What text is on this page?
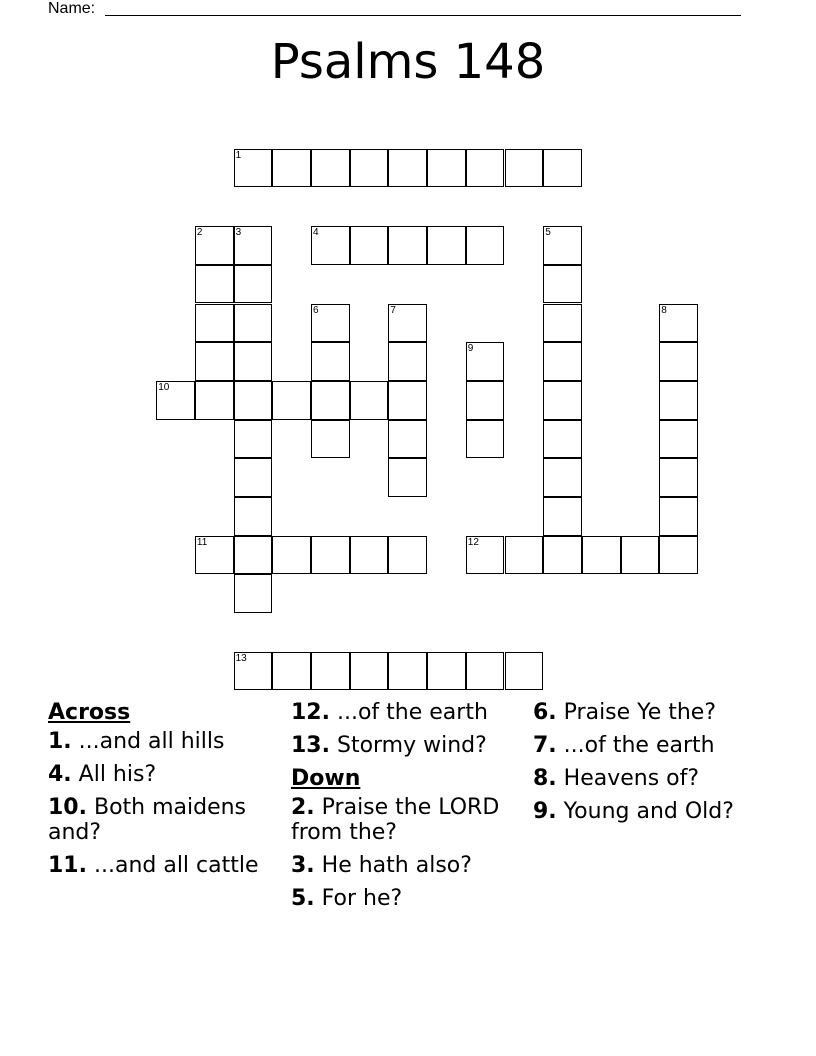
Name:
Psalms 148
1
2	3	4	5
6	7	8
9
10
11	12
13
Across
1. ...and all hills
4. All his?
10. Both maidens and?
11. ...and all cattle
12. ...of the earth
13. Stormy wind?
Down
2. Praise the LORD from the?
3. He hath also?
5. For he?
6. Praise Ye the?
7. ...of the earth
8. Heavens of?
9. Young and Old?
